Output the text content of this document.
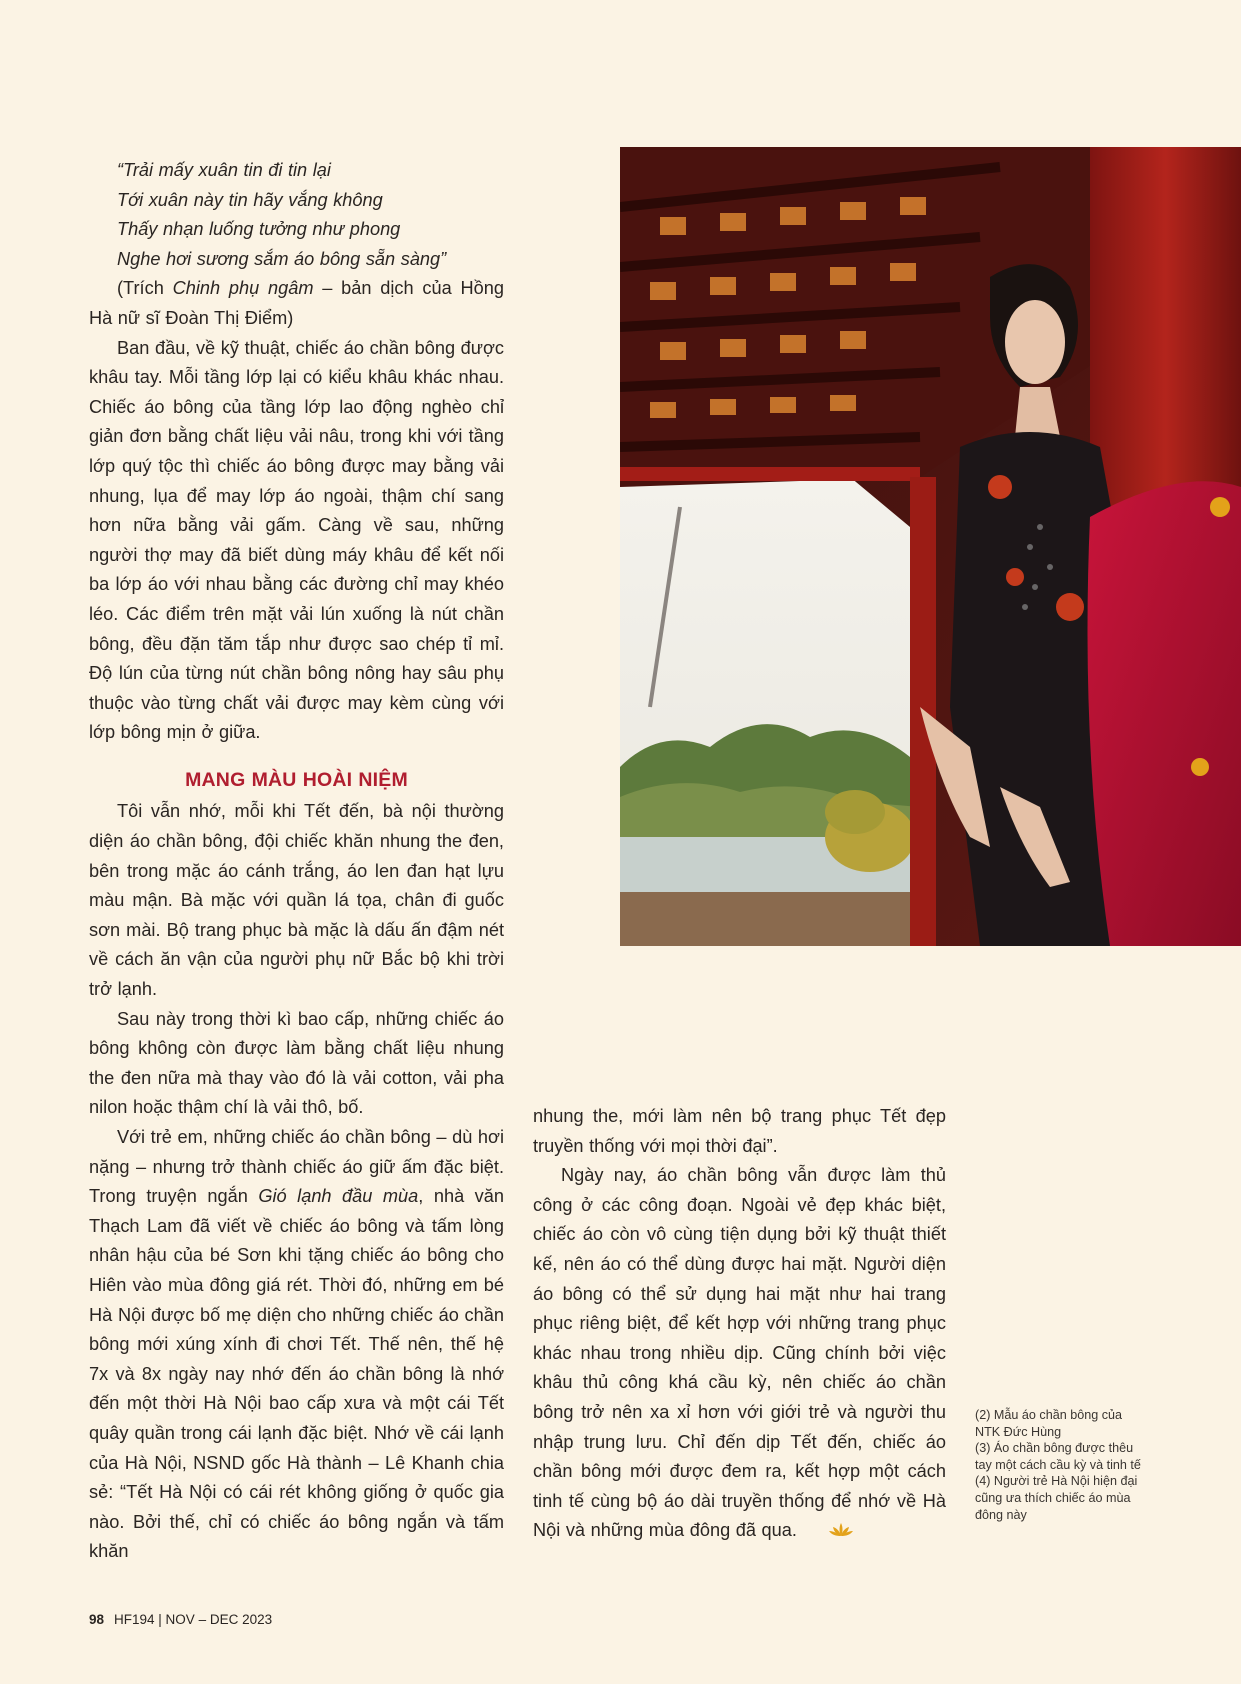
“Trải mấy xuân tin đi tin lại
Tới xuân này tin hãy vắng không
Thấy nhạn luống tưởng như phong
Nghe hơi sương sắm áo bông sẵn sàng”
(Trích Chinh phụ ngâm – bản dịch của Hồng Hà nữ sĩ Đoàn Thị Điểm)
Ban đầu, về kỹ thuật, chiếc áo chần bông được khâu tay. Mỗi tầng lớp lại có kiểu khâu khác nhau. Chiếc áo bông của tầng lớp lao động nghèo chỉ giản đơn bằng chất liệu vải nâu, trong khi với tầng lớp quý tộc thì chiếc áo bông được may bằng vải nhung, lụa để may lớp áo ngoài, thậm chí sang hơn nữa bằng vải gấm. Càng về sau, những người thợ may đã biết dùng máy khâu để kết nối ba lớp áo với nhau bằng các đường chỉ may khéo léo. Các điểm trên mặt vải lún xuống là nút chần bông, đều đặn tăm tắp như được sao chép tỉ mỉ. Độ lún của từng nút chần bông nông hay sâu phụ thuộc vào từng chất vải được may kèm cùng với lớp bông mịn ở giữa.
MANG MÀU HOÀI NIỆM
Tôi vẫn nhớ, mỗi khi Tết đến, bà nội thường diện áo chần bông, đội chiếc khăn nhung the đen, bên trong mặc áo cánh trắng, áo len đan hạt lựu màu mận. Bà mặc với quần lá tọa, chân đi guốc sơn mài. Bộ trang phục bà mặc là dấu ấn đậm nét về cách ăn vận của người phụ nữ Bắc bộ khi trời trở lạnh.
Sau này trong thời kì bao cấp, những chiếc áo bông không còn được làm bằng chất liệu nhung the đen nữa mà thay vào đó là vải cotton, vải pha nilon hoặc thậm chí là vải thô, bố.
Với trẻ em, những chiếc áo chần bông – dù hơi nặng – nhưng trở thành chiếc áo giữ ấm đặc biệt. Trong truyện ngắn Gió lạnh đầu mùa, nhà văn Thạch Lam đã viết về chiếc áo bông và tấm lòng nhân hậu của bé Sơn khi tặng chiếc áo bông cho Hiên vào mùa đông giá rét. Thời đó, những em bé Hà Nội được bố mẹ diện cho những chiếc áo chần bông mới xúng xính đi chơi Tết. Thế nên, thế hệ 7x và 8x ngày nay nhớ đến áo chần bông là nhớ đến một thời Hà Nội bao cấp xưa và một cái Tết quây quần trong cái lạnh đặc biệt. Nhớ về cái lạnh của Hà Nội, NSND gốc Hà thành – Lê Khanh chia sẻ: “Tết Hà Nội có cái rét không giống ở quốc gia nào. Bởi thế, chỉ có chiếc áo bông ngắn và tấm khăn
nhung the, mới làm nên bộ trang phục Tết đẹp truyền thống với mọi thời đại”.
Ngày nay, áo chần bông vẫn được làm thủ công ở các công đoạn. Ngoài vẻ đẹp khác biệt, chiếc áo còn vô cùng tiện dụng bởi kỹ thuật thiết kế, nên áo có thể dùng được hai mặt. Người diện áo bông có thể sử dụng hai mặt như hai trang phục riêng biệt, để kết hợp với những trang phục khác nhau trong nhiều dịp. Cũng chính bởi việc khâu thủ công khá cầu kỳ, nên chiếc áo chần bông trở nên xa xỉ hơn với giới trẻ và người thu nhập trung lưu. Chỉ đến dịp Tết đến, chiếc áo chần bông mới được đem ra, kết hợp một cách tinh tế cùng bộ áo dài truyền thống để nhớ về Hà Nội và những mùa đông đã qua.
(2) Mẫu áo chần bông của NTK Đức Hùng
(3) Áo chần bông được thêu tay một cách cầu kỳ và tinh tế
(4) Người trẻ Hà Nội hiện đại cũng ưa thích chiếc áo mùa đông này
98 HF194 | NOV – DEC 2023
